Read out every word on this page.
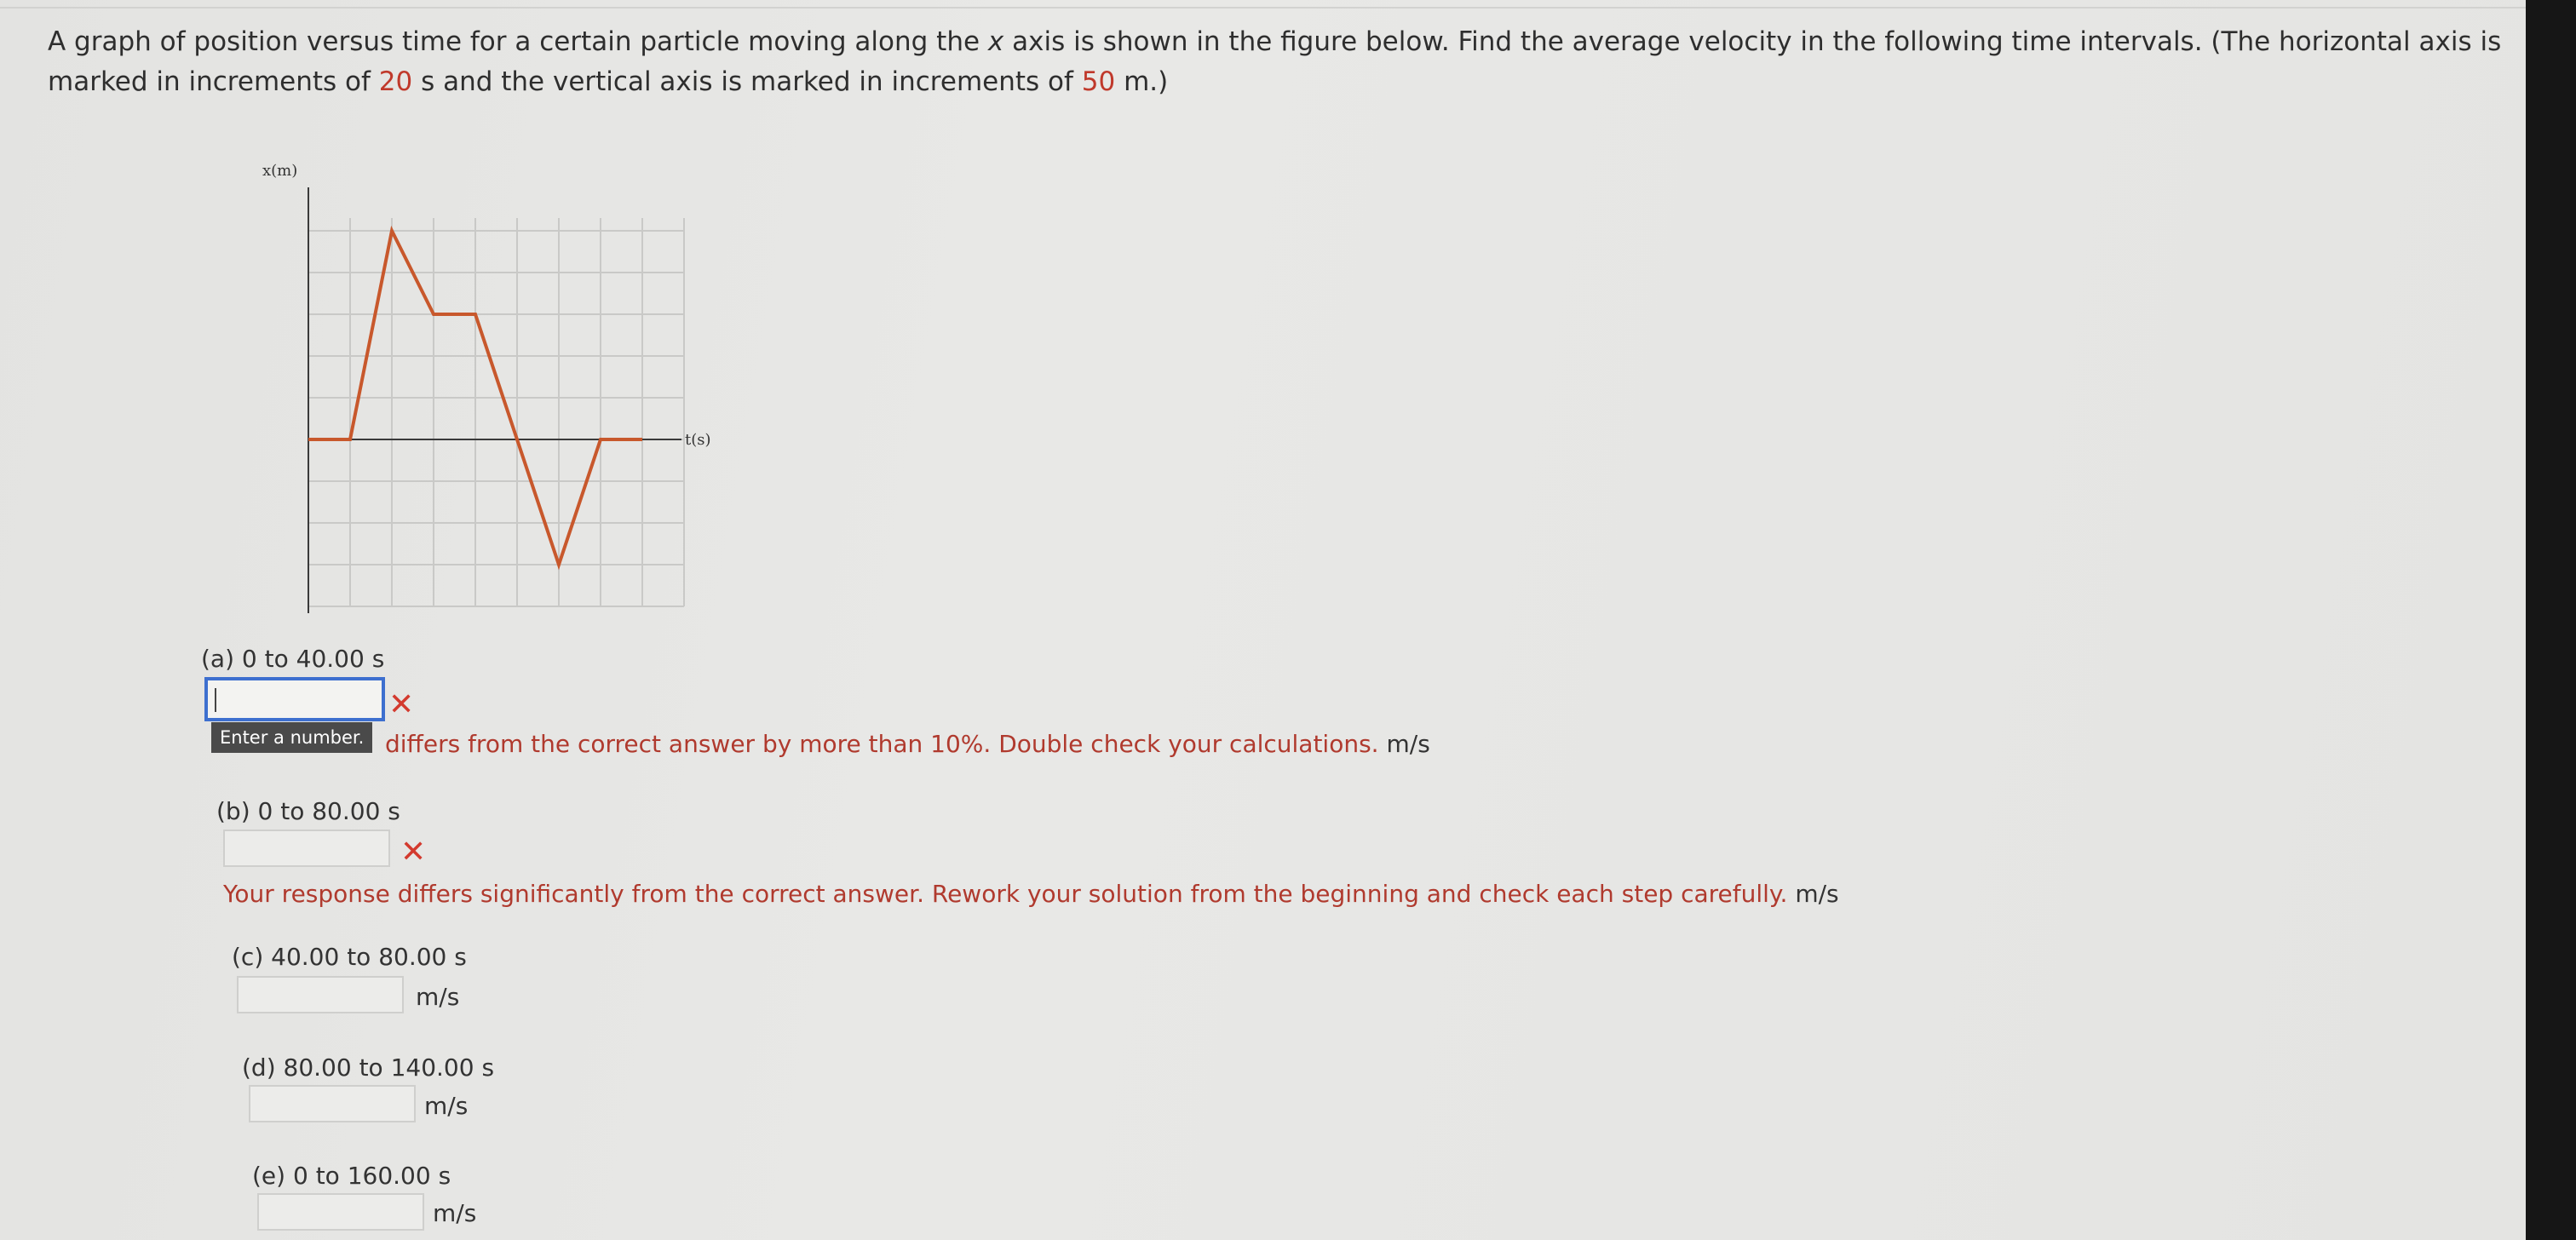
A graph of position versus time for a certain particle moving along the x axis is shown in the figure below. Find the average velocity in the following time intervals. (The horizontal axis is marked in increments of 20 s and the vertical axis is marked in increments of 50 m.)
x(m)
t(s)
(a) 0 to 40.00 s
✕
Enter a number. differs from the correct answer by more than 10%. Double check your calculations. m/s
(b) 0 to 80.00 s
✕
Your response differs significantly from the correct answer. Rework your solution from the beginning and check each step carefully. m/s
(c) 40.00 to 80.00 s
m/s
(d) 80.00 to 140.00 s
m/s
(e) 0 to 160.00 s
m/s
